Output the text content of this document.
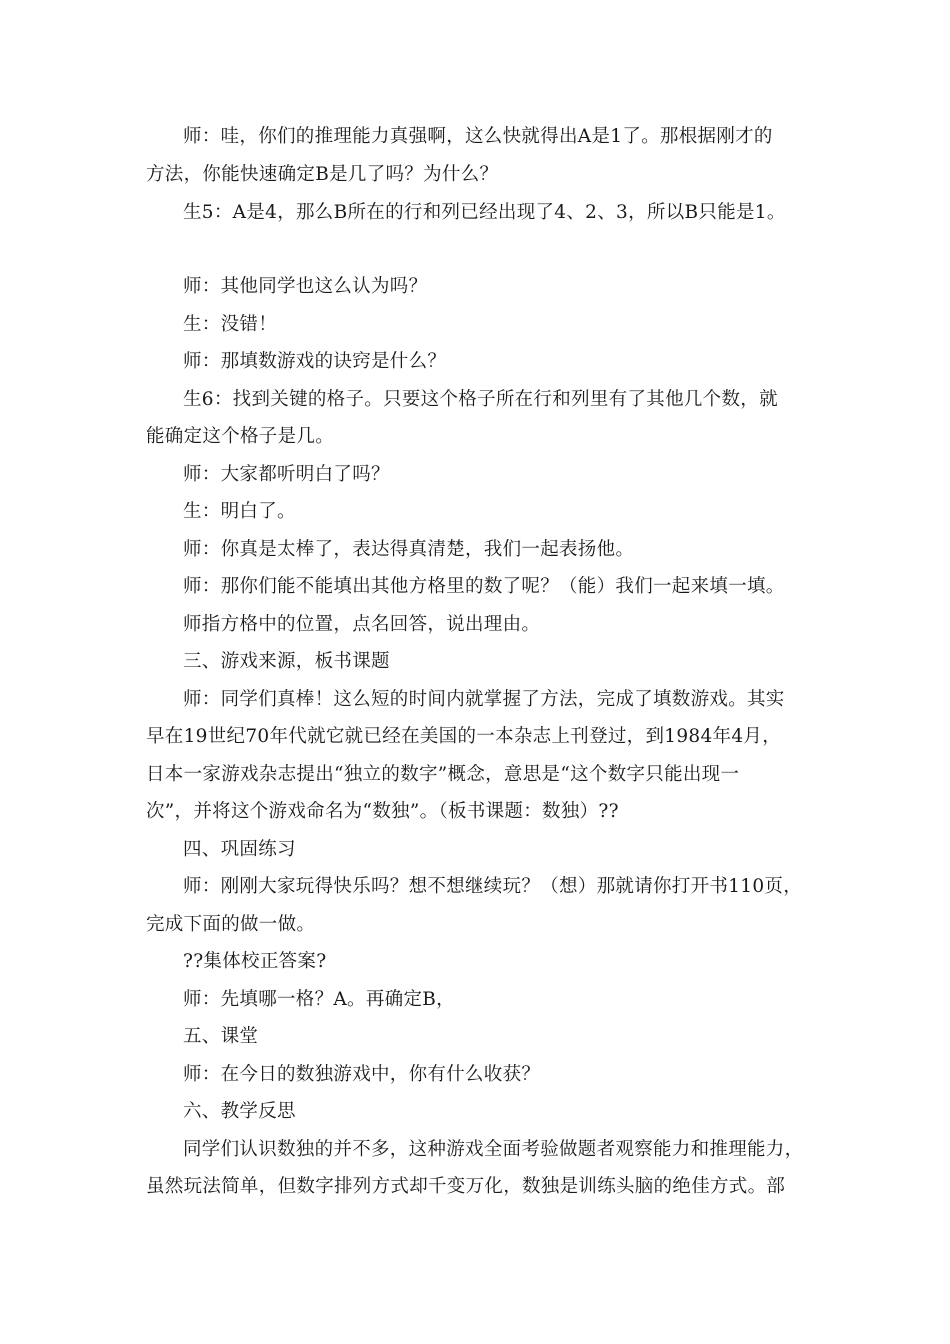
师：哇，你们的推理能力真强啊，这么快就得出A是1了。那根据刚才的
方法，你能快速确定B是几了吗？为什么？
生5：A是4，那么B所在的行和列已经出现了4、2、3，所以B只能是1。
师：其他同学也这么认为吗？
生：没错！
师：那填数游戏的诀窍是什么？
生6：找到关键的格子。只要这个格子所在行和列里有了其他几个数，就
能确定这个格子是几。
师：大家都听明白了吗？
生：明白了。
师：你真是太棒了，表达得真清楚，我们一起表扬他。
师：那你们能不能填出其他方格里的数了呢？（能）我们一起来填一填。
师指方格中的位置，点名回答，说出理由。
三、游戏来源，板书课题
师：同学们真棒！这么短的时间内就掌握了方法，完成了填数游戏。其实
早在19世纪70年代就它就已经在美国的一本杂志上刊登过，到1984年4月，
日本一家游戏杂志提出“独立的数字”概念，意思是“这个数字只能出现一
次”，并将这个游戏命名为“数独”。（板书课题：数独）??
四、巩固练习
师：刚刚大家玩得快乐吗？想不想继续玩？（想）那就请你打开书110页，
完成下面的做一做。
??集体校正答案?
师：先填哪一格？A。再确定B，
五、课堂
师：在今日的数独游戏中，你有什么收获？
六、教学反思
同学们认识数独的并不多，这种游戏全面考验做题者观察能力和推理能力，
虽然玩法简单，但数字排列方式却千变万化，数独是训练头脑的绝佳方式。部
